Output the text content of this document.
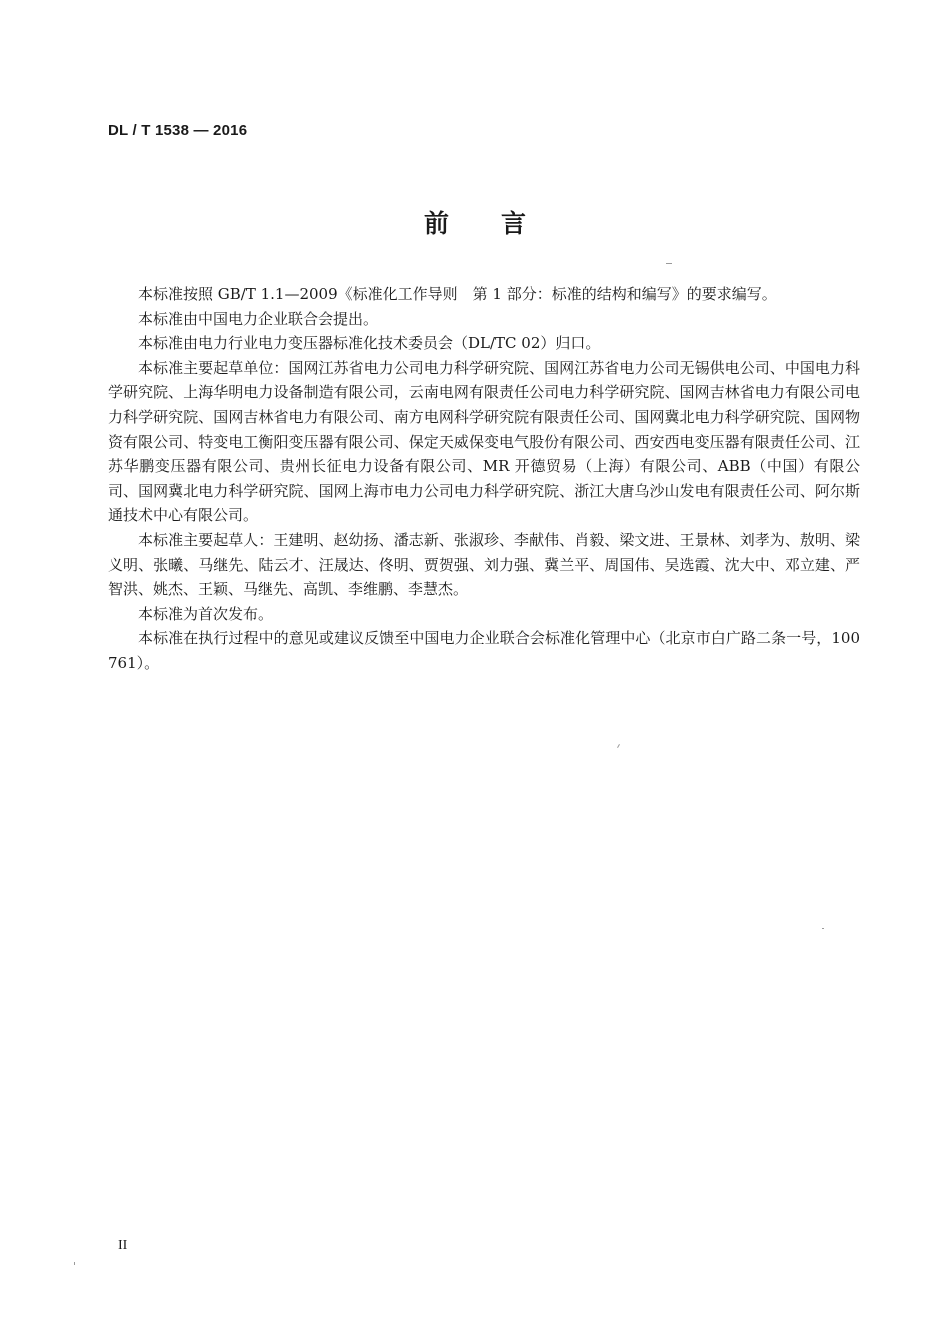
DL / T 1538 — 2016
前言

本标准按照 GB/T 1.1—2009《标准化工作导则　第 1 部分：标准的结构和编写》的要求编写。

本标准由中国电力企业联合会提出。

本标准由电力行业电力变压器标准化技术委员会（DL/TC 02）归口。

本标准主要起草单位：国网江苏省电力公司电力科学研究院、国网江苏省电力公司无锡供电公司、中国电力科学研究院、上海华明电力设备制造有限公司，云南电网有限责任公司电力科学研究院、国网吉林省电力有限公司电力科学研究院、国网吉林省电力有限公司、南方电网科学研究院有限责任公司、国网冀北电力科学研究院、国网物资有限公司、特变电工衡阳变压器有限公司、保定天威保变电气股份有限公司、西安西电变压器有限责任公司、江苏华鹏变压器有限公司、贵州长征电力设备有限公司、MR 开德贸易（上海）有限公司、ABB（中国）有限公司、国网冀北电力科学研究院、国网上海市电力公司电力科学研究院、浙江大唐乌沙山发电有限责任公司、阿尔斯通技术中心有限公司。

本标准主要起草人：王建明、赵幼扬、潘志新、张淑珍、李献伟、肖毅、梁文进、王景林、刘孝为、敖明、梁义明、张曦、马继先、陆云才、汪晟达、佟明、贾贺强、刘力强、冀兰平、周国伟、吴选霞、沈大中、邓立建、严智洪、姚杰、王颖、马继先、高凯、李维鹏、李慧杰。

本标准为首次发布。

本标准在执行过程中的意见或建议反馈至中国电力企业联合会标准化管理中心（北京市白广路二条一号，100761）。

II
